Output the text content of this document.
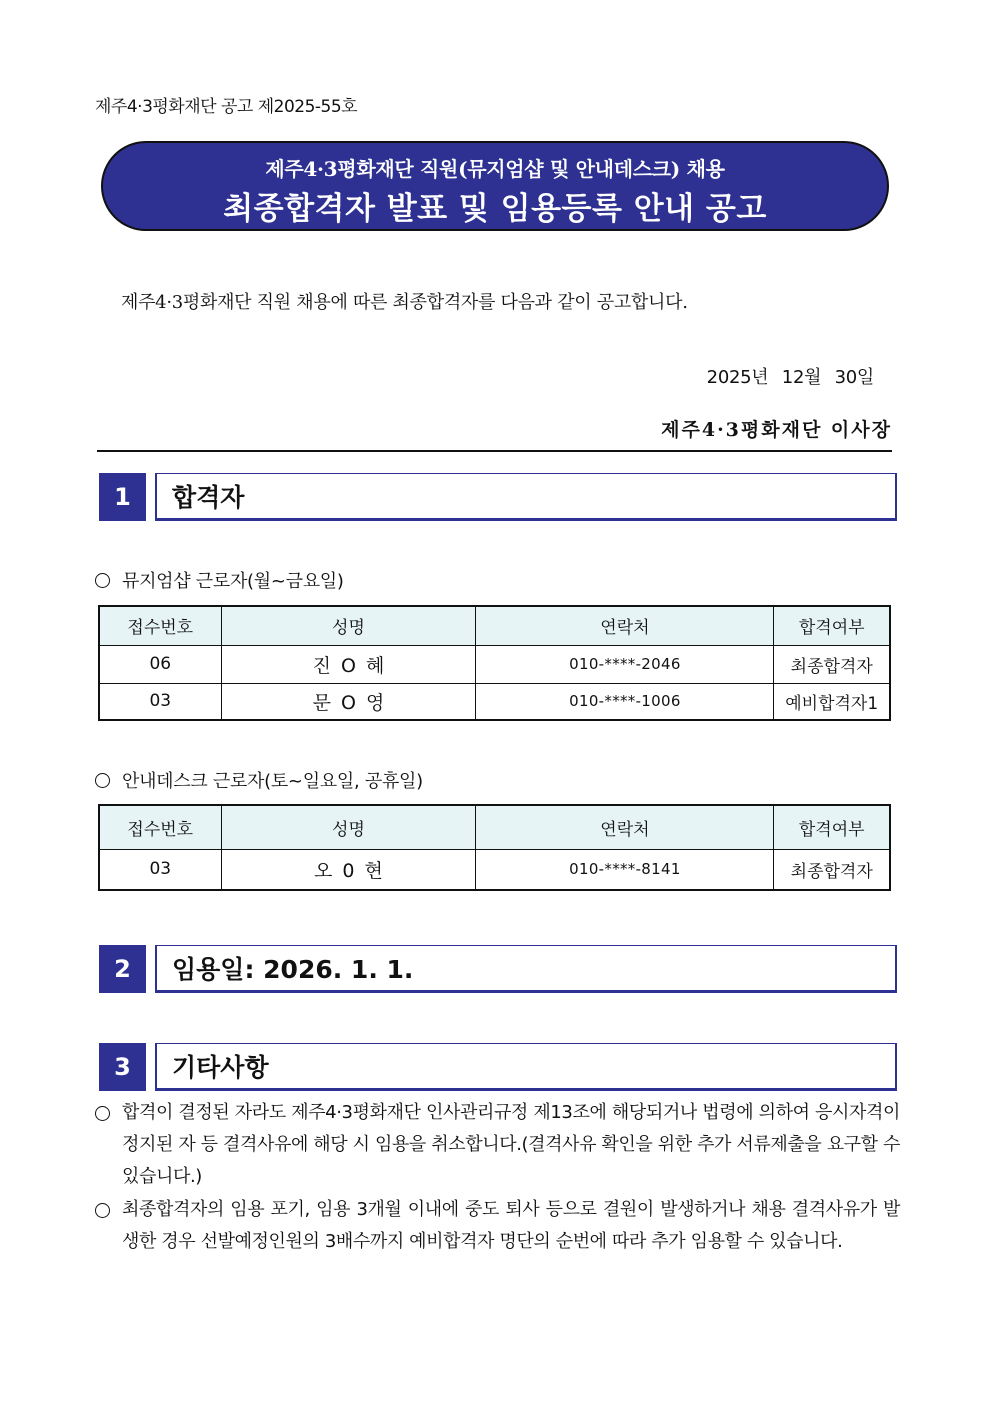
제주4·3평화재단 공고 제2025-55호
제주4·3평화재단 직원(뮤지엄샵 및 안내데스크) 채용
최종합격자 발표 및 임용등록 안내 공고
제주4·3평화재단 직원 채용에 따른 최종합격자를 다음과 같이 공고합니다.
2025년 12월 30일
제주4·3평화재단 이사장
1	합격자
뮤지엄샵 근로자(월~금요일)
접수번호	성명	연락처	합격여부
06	진 O 혜	010-****-2046	최종합격자
03	문 O 영	010-****-1006	예비합격자1
안내데스크 근로자(토~일요일, 공휴일)
접수번호	성명	연락처	합격여부
03	오 0 현	010-****-8141	최종합격자
2	임용일: 2026. 1. 1.
3	기타사항
합격이 결정된 자라도 제주4·3평화재단 인사관리규정 제13조에 해당되거나 법령에 의하여 응시자격이 정지된 자 등 결격사유에 해당 시 임용을 취소합니다.(결격사유 확인을 위한 추가 서류제출을 요구할 수 있습니다.)
최종합격자의 임용 포기, 임용 3개월 이내에 중도 퇴사 등으로 결원이 발생하거나 채용 결격사유가 발생한 경우 선발예정인원의 3배수까지 예비합격자 명단의 순번에 따라 추가 임용할 수 있습니다.
